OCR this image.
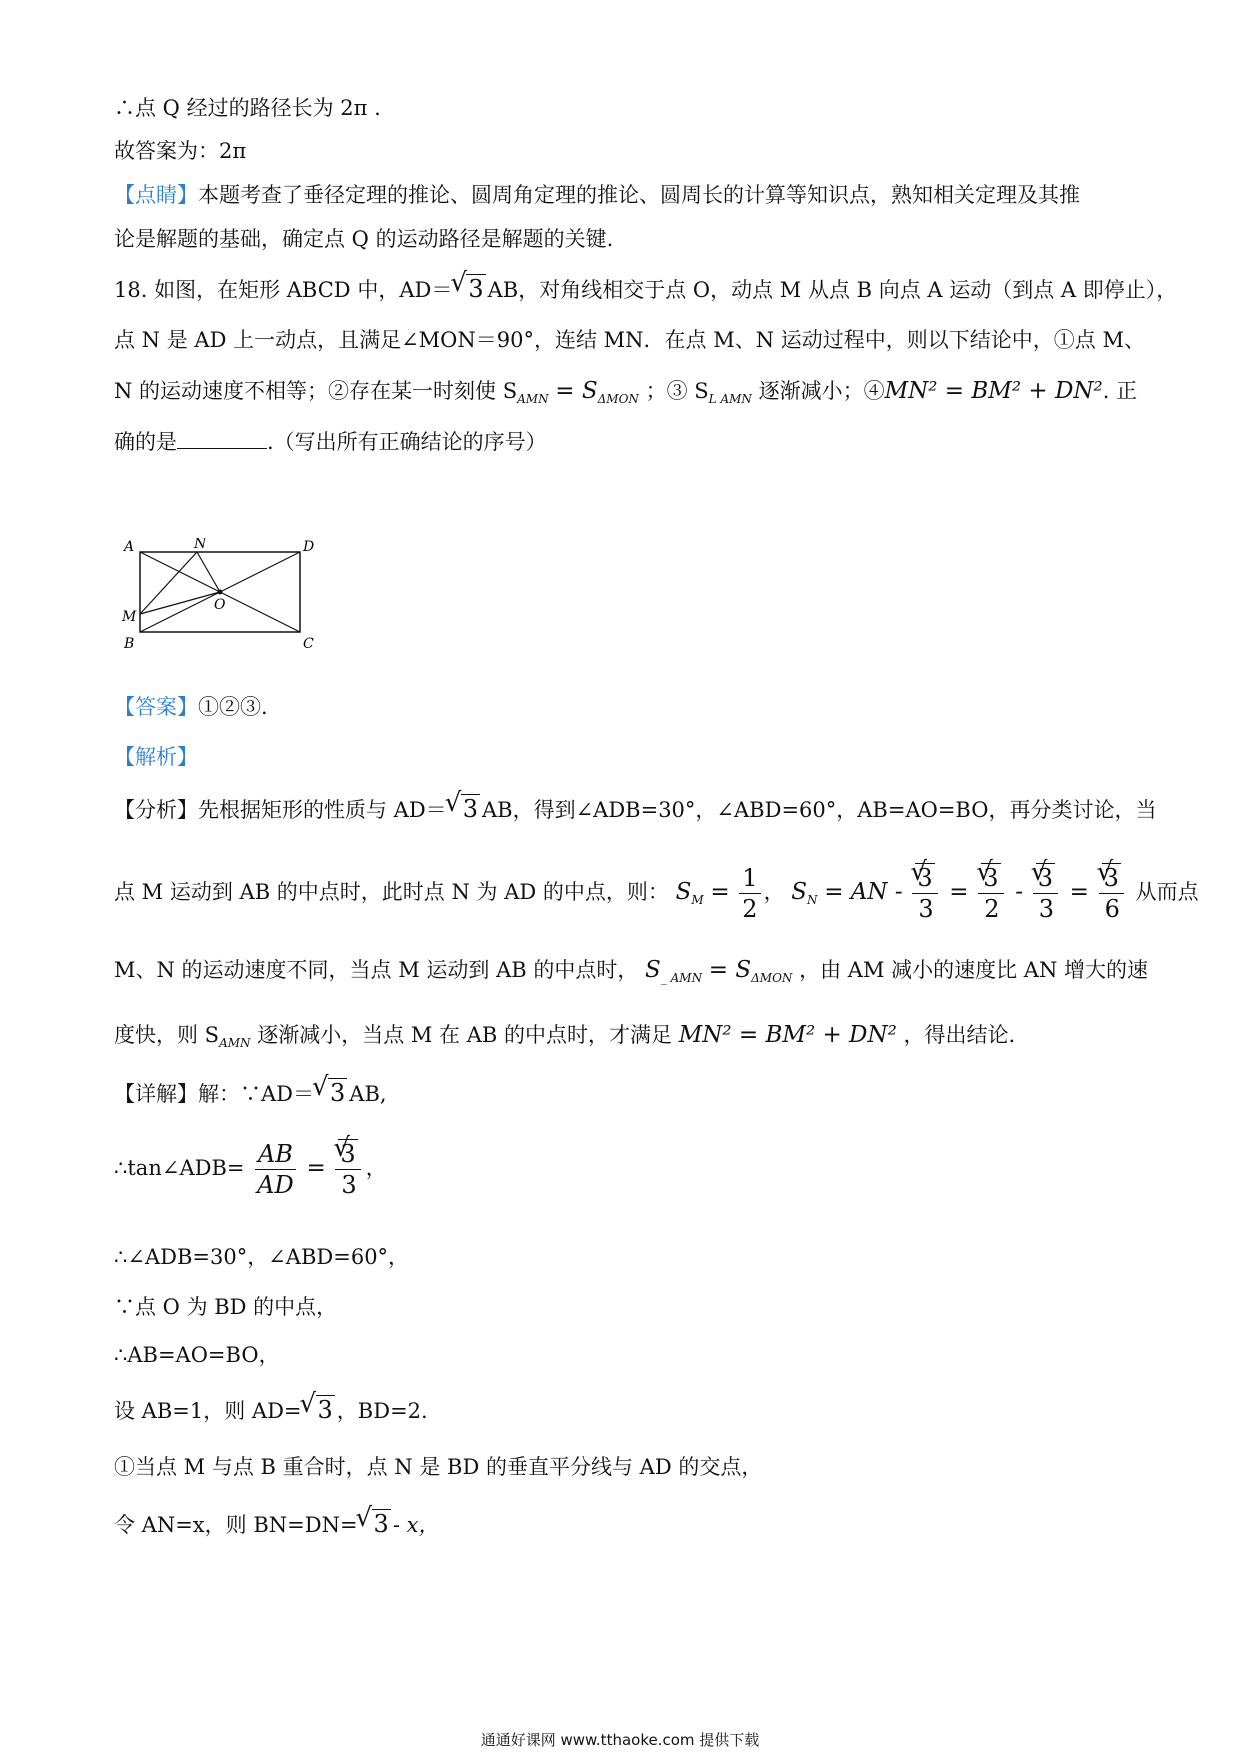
∴点 Q 经过的路径长为 2π .
故答案为：2π
【点睛】本题考查了垂径定理的推论、圆周角定理的推论、圆周长的计算等知识点，熟知相关定理及其推
论是解题的基础，确定点 Q 的运动路径是解题的关键.
18. 如图，在矩形 ABCD 中，AD＝ √ 3 AB，对角线相交于点 O，动点 M 从点 B 向点 A 运动（到点 A 即停止），
点 N 是 AD 上一动点，且满足∠MON＝90°，连结 MN．在点 M、N 运动过程中，则以下结论中，①点 M、
N 的运动速度不相等；②存在某一时刻使 $S_{AMN} = S_{\Delta MON}$ ；③ $S_{L AMN}$ 逐渐减小；④MN² = BM² + DN². 正
确的是	.（写出所有正确结论的序号）
A	N	D
M
O
B	C
【答案】①②③.
【解析】
【分析】先根据矩形的性质与 AD＝ √ 3 AB，得到∠ADB=30°，∠ABD=60°，AB=AO=BO，再分类讨论，当
点 M 运动到 AB 的中点时，此时点 N 为 AD 的中点，则： $S_M = \frac{1}{2}$ ， $S_N$ = AN - √ $\frac{3}{3}$ = √ $\frac{3}{2}$ - √ $\frac{3}{3}$ = √ $\frac{3}{6}$ 从而点
M、N 的运动速度不同，当点 M 运动到 AB 的中点时， $S_{\_ AMN} = S_{\Delta MON}$ ，由 AM 减小的速度比 AN 增大的速
度快，则 $S_{AMN}$ 逐渐减小，当点 M 在 AB 的中点时，才满足 MN² = BM² + DN² ，得出结论.
【详解】解：∵AD＝ √ 3 AB,
∴tan∠ADB= $\frac{AB}{AD}$ = √ $\frac{3}{3}$ ，
∴∠ADB=30°，∠ABD=60°，
∵点 O 为 BD 的中点，
∴AB=AO=BO，
设 AB=1，则 AD= √ 3 ，BD=2.
①当点 M 与点 B 重合时，点 N 是 BD 的垂直平分线与 AD 的交点，
令 AN=x，则 BN=DN= √ 3 - x，
通通好课网 www.tthaoke.com 提供下载
